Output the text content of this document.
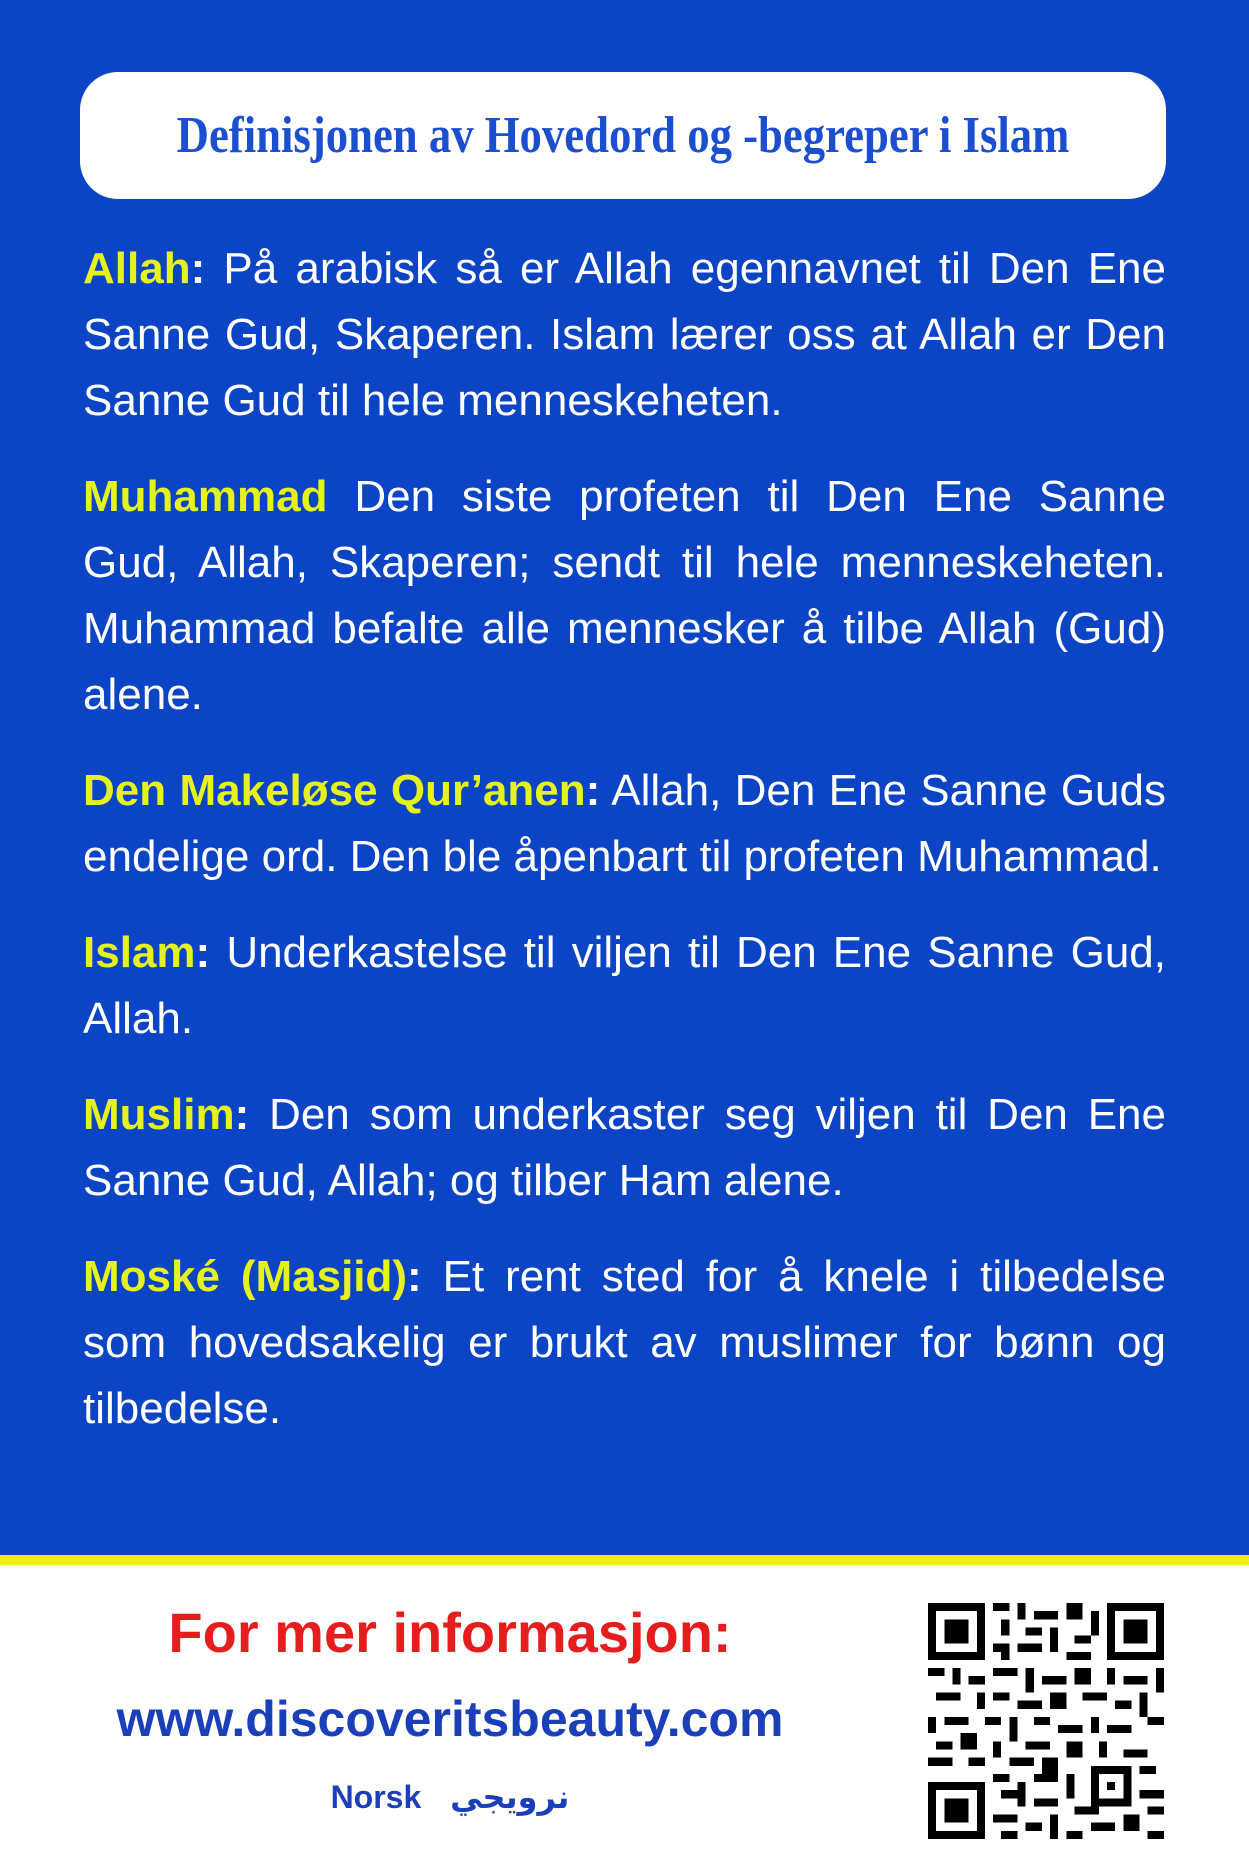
Definisjonen av Hovedord og -begreper i Islam

Allah: På arabisk så er Allah egennavnet til Den Ene Sanne Gud, Skaperen. Islam lærer oss at Allah er Den Sanne Gud til hele menneskeheten.

Muhammad Den siste profeten til Den Ene Sanne Gud, Allah, Skaperen; sendt til hele menneskeheten. Muhammad befalte alle mennesker å tilbe Allah (Gud) alene.

Den Makeløse Qur’anen: Allah, Den Ene Sanne Guds endelige ord. Den ble åpenbart til profeten Muhammad.

Islam: Underkastelse til viljen til Den Ene Sanne Gud, Allah.

Muslim: Den som underkaster seg viljen til Den Ene Sanne Gud, Allah; og tilber Ham alene.

Moské (Masjid): Et rent sted for å knele i tilbedelse som hovedsakelig er brukt av muslimer for bønn og tilbedelse.

For mer informasjon:
www.discoveritsbeauty.com
Norsk نرويجي
